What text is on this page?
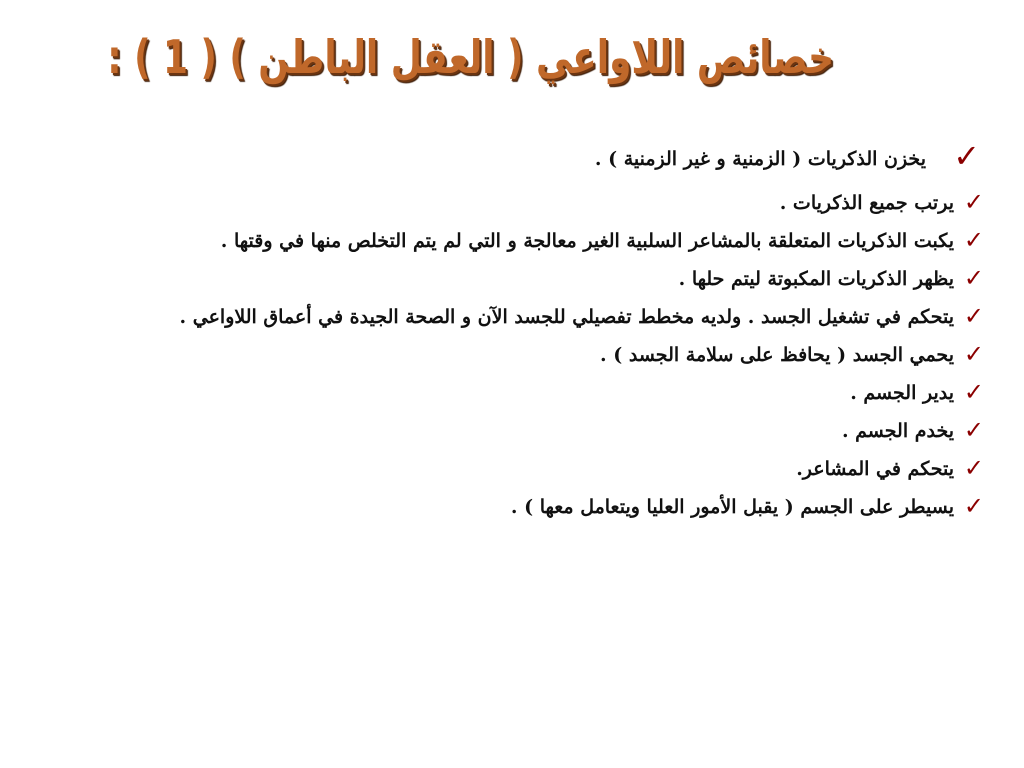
خصائص اللاواعي ( العقل الباطن ) ( 1 ) :
✓
يخزن الذكريات ( الزمنية و غير الزمنية ) .
✓
يرتب جميع الذكريات .
✓
يكبت الذكريات المتعلقة بالمشاعر السلبية الغير معالجة و التي لم يتم التخلص منها في وقتها .
✓
يظهر الذكريات المكبوتة ليتم حلها .
✓
يتحكم في تشغيل الجسد . ولديه مخطط تفصيلي للجسد الآن و الصحة الجيدة في أعماق اللاواعي .
✓
يحمي الجسد ( يحافظ على سلامة الجسد ) .
✓
يدير الجسم .
✓
يخدم الجسم .
✓
يتحكم في المشاعر.
✓
يسيطر على الجسم ( يقبل الأمور العليا ويتعامل معها ) .
